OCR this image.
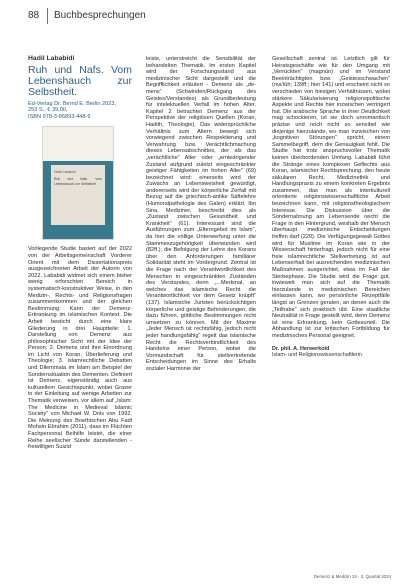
88 Buchbesprechungen
Hadil Lababidi
Ruh und Nafs. Vom Lebenshauch zur Selbstheit.
Ed-Verlag Dr. Bernd E. Berlin 2023,
253 S., € 39,00,
ISBN 978-3-86893-448-9
Hadil Lababidi
Ruh und Nafs. Vom Lebenshauch zur Selbstheit

Vorliegende Studie basiert auf der 2022 von der Arbeitsgemeinschaft Vorderer Orient mit dem Dissertationspreis ausgezeichneten Arbeit der Autorin von 2022. Lababidi widmet sich einem bisher wenig erforschten Bereich in systematisch-konstruktiver Weise, in den Medizin-, Rechts- und Religionsfragen zusammenkommen und der gleichen Bestimmung: Kann der Demenz-Erkrankung im islamischen Kontext. Die Arbeit besticht durch eine klare Gliederung in drei Hauptteile: 1. Darstellung von Demenz aus philosophischer Sicht mit der Idee der Person; 2. Demenz und ihre Einordnung im Licht von Koran, Überlieferung und Theologie; 3. islamrechtliche Debatten und Dilemmata im Islam am Beispiel der Sondernsituation des Dementen. Definiert ist Demenz, eigenständig auch aus kulturellem Gesichtspunkt, wobei Grazer in der Einleitung auf wenige Arbeiten zur Thematik verweisen, vor allem auf „Islam: The Medicine in Medieval Islamic Society“ von Michael W. Dols von 1992. Die Meinung des Boethischen Abu Fadl Mohsin Ebrahim (2011), dass im Flüchten Fachpersonal Beihilfe leistet, die einer Reihe seelischer Sünde darstellenden - freiwilligen Suizid

leiste, unterstreicht die Sensibilität der behandelten Thematik. Im ersten Kapitel wird der Forschungsstand aus medizinischer Sicht dargestellt und die Begrifflichkeit erläutert - Demenz als „de-mens“ (Schwinden/Rückgang des Geistes/Verstandes) als Grundbedeutung für intelektuellen Verfall im hohen Alter. Kapitel 2 betrachtet Demenz aus der Perspektive der religiösen Quellen (Koran, Hadith, Theologie). Das widersprüchliche Verhältnis zum Altern bewegt sich vorwiegend zwischen Respektierung und Verwahrung bzw. Verächtlichmachung dieses Lebensabschnittes, der als das „verächtliche“ Alter oder „erniedrigender Zustand aufgrund zuletzt eingeschränkter geistiger Fähigkeiten im hohen Alter“ (69) bezeichnet wird: einerseits wird der Zuwachs an Lebensweisheit gewürdigt, andererseits wird der körperliche Zerfall mit Bezug auf die griechisch-antike Säftelehre (Humoralpathologie des Galen) erklärt. Ibn Sina, Mediziner, beschreibt dies als „Zustand zwischen Gesundheit und Krankheit“ (61). Interessant sind die Ausführungen zum „Elterngebot im Islam“, da hier die völlige Unterwerfung unter die Stammeszugehörigkeit überwunden wird (82ff.); die Befolgung der Lehre des Korans über den Anforderungen familiärer Solidarität steht im Vordergrund. Zentral ist die Frage nach der Verantwortlichkeit des Menschen in eingeschränkten Zuständen des Verstandes, denn „...Merkmal, an welches das islamische Recht die Verantwortlichkeit vor dem Gesetz knüpft“ (137). Islamische Juristen berücksichtigen körperliche und geistige Behinderungen, die dazu führen, göttliche Bestimmungen nicht umsetzen zu können. Mit der Maxime „Jeder Mensch ist rechtsfähig, jedoch nicht jeder handlungsfähig“ regelt das islamische Recht die Rechtsverbindlichkeit des Handelns einer Person, wobei die Vormundschaft für stellvertretende Entscheidungen im Sinne des Erhalts sozialer Harmonie der

Gesellschaft zentral ist. Letztlich gilt für Heiratsgeschäfte wie für den Umgang mit „Verrückten“ (magnūn) und im Verstand Beeinträchtigten bzw. „Geistesschwachen“ (ma'tūh; 139ff.; hier 141) und erscheint nicht so verschieden von hiesigen Verhältnissen, wobei stärkere Säkularisierung religionspolitische Aspekte und Rechte hier inzwischen verringert hat. Die arabische Sprache in ihrer Deutlichkeit mag schockieren, ist sie doch unromantisch präzise und noch nicht so sensibel wie diejenige hierzulande, wo man inzwischen von „kognitiven Störungen“ spricht, einem Sammelbegriff, dem die Genauigkeit fehlt. Die Studie hat trotz anspruchsvoller Thematik keinen überbordenden Umfang. Lababidi führt die Stränge eines komplexen Geflechts aus Koran, islamischer Rechtsprechung, den heute säkularen Recht, Medizinethik und Handlungspraxis zu einem konkreten Ergebnis zusammen, das man als interkulturell orientierte religionswissenschaftliche Arbeit bezeichnen kann, mit religionstheologischem Interesse. Die Diskussion über die Sondernahnung am Lebensende reicht die Frage in den Hintergrund, weshalb der Mensch überhaupt medizinische Entscheidungen treffen darf (220). Die Verfügungsgewalt Gottes wird für Muslime im Koran wie in der Wissenschaft hinterfragt, jedoch nicht für eine freie islamrechtliche Stellvertretung ist auf Lebenserhalt bei ausreichenden medizinischen Maßnahmen ausgerichtet, etwa im Fall der Sterbephase. Die Studie wird die Frage gut, inwieweit man sich auf die Thematik hierzulande in medizinischen Bereichen einlassen kann, wo persönliche Rezeptfälle längst an Grenzen geraten, an denen auch die „Teilhabe“ sich praktisch übt. Eine staatliche Neutralität in Frage gestellt wird, denn Demenz ist eine Erkrankung, kein Gottesurteil. Die Abhandlung ist zur kritischen Fortbildung für medizinisches Personal geeignet.

Dr. phil. A. Herwerkold
Islam- und Religionswissenschaftlerin
Demenz & Medizin 24 · 2. Quartal 2024
